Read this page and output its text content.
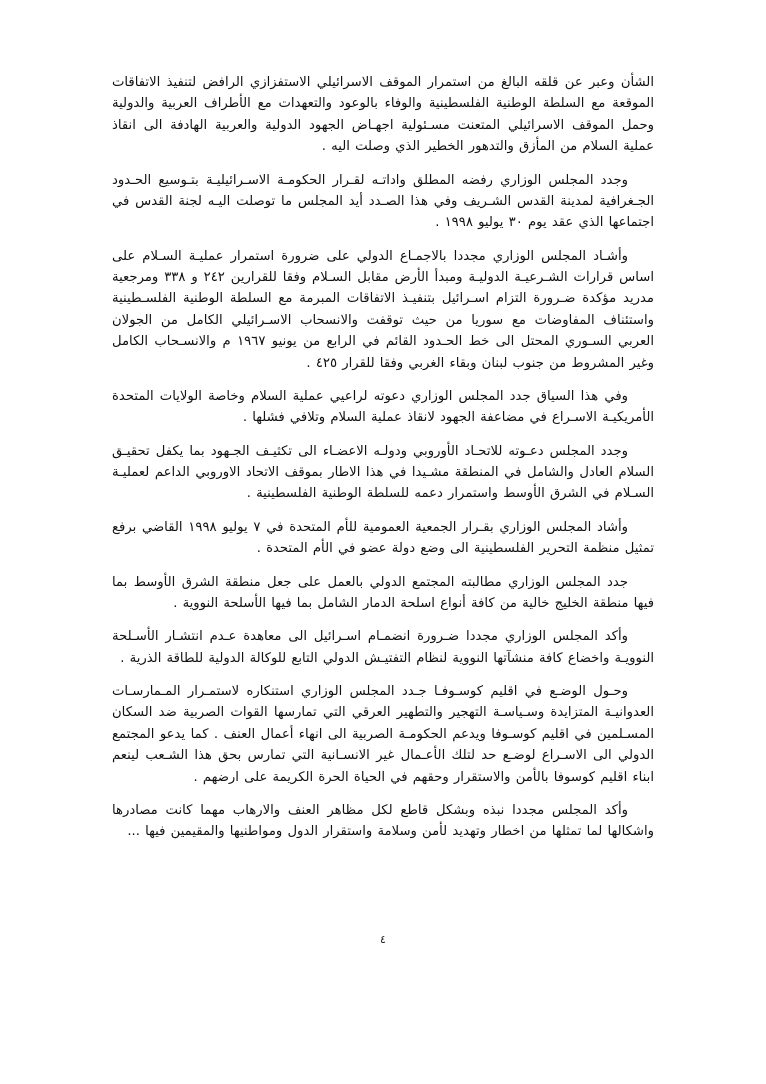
الشأن وعبر عن قلقه البالغ من استمرار الموقف الاسرائيلي الاستفزازي الرافض لتنفيذ الاتفاقات الموقعة مع السلطة الوطنية الفلسطينية والوفاء بالوعود والتعهدات مع الأطراف العربية والدولية وحمل الموقف الاسرائيلي المتعنت مسـئولية اجهـاض الجهود الدولية والعربية الهادفة الى انقاذ عملية السلام من المأزق والتدهور الخطير الذي وصلت اليه .

وجدد المجلس الوزاري رفضه المطلق واداتـه لقـرار الحكومـة الاسـرائيليـة بتـوسيع الحـدود الجـغرافية لمدينة القدس الشـريف وفي هذا الصـدد أيد المجلس ما توصلت اليـه لجنة القدس في اجتماعها الذي عقد يوم ٣٠ يوليو ١٩٩٨ .

وأشـاد المجلس الوزاري مجددا بالاجمـاع الدولي على ضرورة استمرار عمليـة السـلام على اساس قرارات الشـرعيـة الدوليـة ومبدأ الأرض مقابل السـلام وفقا للقرارين ٢٤٢ و ٣٣٨ ومرجعية مدريد مؤكدة ضـرورة التزام اسـرائيل بتنفيـذ الاتفاقات المبرمة مع السلطة الوطنية الفلسـطينية واستئناف المفاوضات مع سوريا من حيث توقفت والانسحاب الاسـرائيلي الكامل من الجولان العربي السـوري المحتل الى خط الحـدود القائم في الرابع من يونيو ١٩٦٧ م والانسـحاب الكامل وغير المشروط من جنوب لبنان وبقاء الغربي وفقا للقرار ٤٢٥ .

وفي هذا السياق جدد المجلس الوزاري دعوته لراعيي عملية السلام وخاصة الولايات المتحدة الأمريكيـة الاسـراع في مضاعفة الجهود لانقاذ عملية السلام وتلافي فشلها .

وجدد المجلس دعـوته للاتحـاد الأوروبي ودولـه الاعضـاء الى تكثيـف الجـهود بما يكفل تحقيـق السلام العادل والشامل في المنطقة مشـيدا في هذا الاطار بموقف الاتحاد الاوروبي الداعم لعمليـة السـلام في الشرق الأوسط واستمرار دعمه للسلطة الوطنية الفلسطينية .

وأشاد المجلس الوزاري بقـرار الجمعية العمومية للأم المتحدة في ٧ يوليو ١٩٩٨ القاضي برفع تمثيل منظمة التحرير الفلسطينية الى وضع دولة عضو في الأم المتحدة .

جدد المجلس الوزاري مطالبته المجتمع الدولي بالعمل على جعل منطقة الشرق الأوسط بما فيها منطقة الخليج خالية من كافة أنواع اسلحة الدمار الشامل بما فيها الأسلحة النووية .

وأكد المجلس الوزاري مجددا ضـرورة انضمـام اسـرائيل الى معاهدة عـدم انتشـار الأسـلحة النوويـة واخضاع كافة منشآتها النووية لنظام التفتيـش الدولي التابع للوكالة الدولية للطاقة الذرية .

وحـول الوضـع في اقليم كوسـوفـا جـدد المجلس الوزاري استنكاره لاستمـرار المـمارسـات العدوانيـة المتزايدة وسـياسـة التهجير والتطهير العرقي التي تمارسها القوات الصربية ضد السكان المسـلمين في اقليم كوسـوفا ويدعم الحكومـة الصربية الى انهاء أعمال العنف . كما يدعو المجتمع الدولي الى الاسـراع لوضـع حد لتلك الأعـمال غير الانسـانية التي تمارس بحق هذا الشـعب لينعم ابناء اقليم كوسوفا بالأمن والاستقرار وحقهم في الحياة الحرة الكريمة على ارضهم .

وأكد المجلس مجددا نبذه وبشكل قاطع لكل مظاهر العنف والارهاب مهما كانت مصادرها واشكالها لما تمثلها من اخطار وتهديد لأمن وسلامة واستقرار الدول ومواطنيها والمقيمين فيها ...

٤
